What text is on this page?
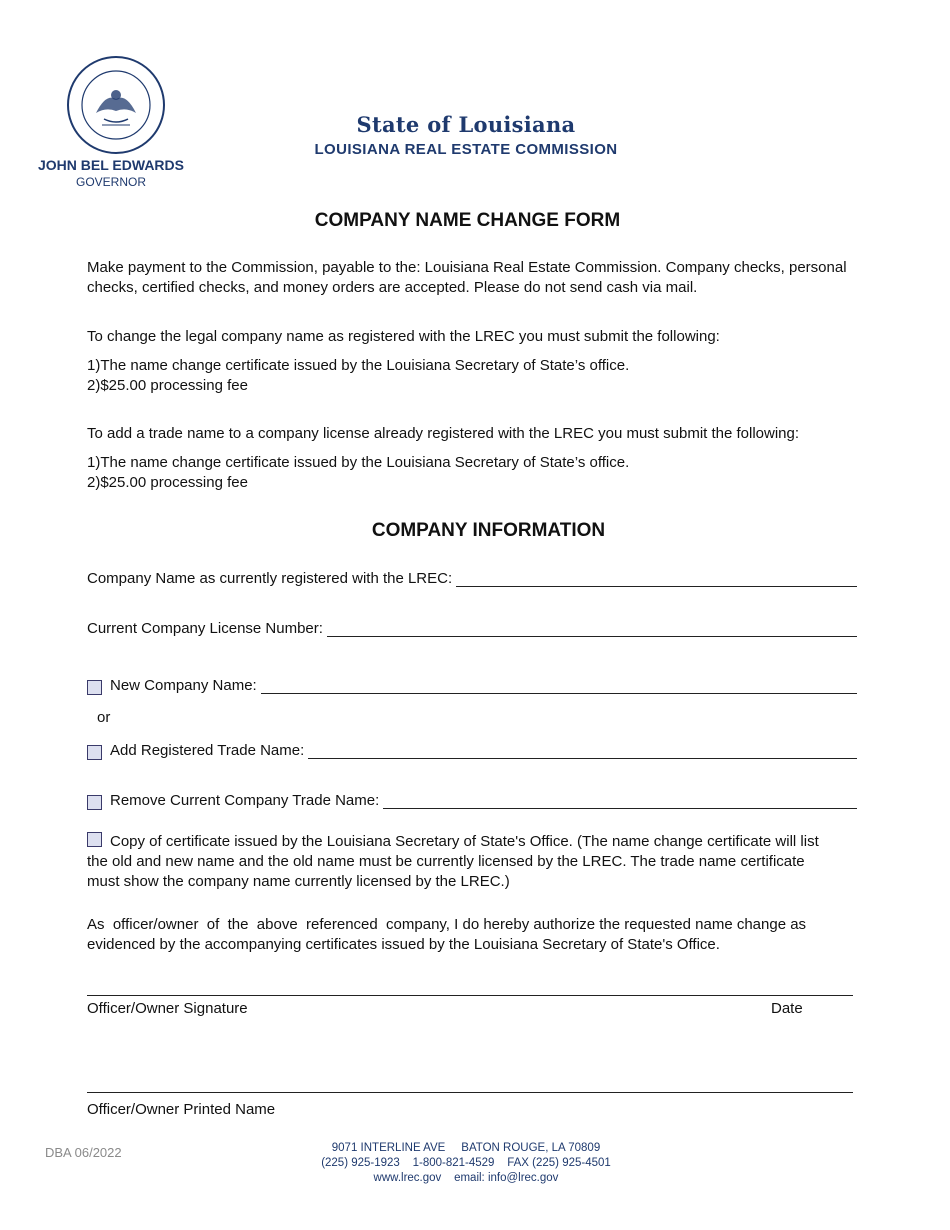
JOHN BEL EDWARDS
GOVERNOR
State of Louisiana
LOUISIANA REAL ESTATE COMMISSION
COMPANY NAME CHANGE FORM
Make payment to the Commission, payable to the: Louisiana Real Estate Commission. Company checks, personal
checks, certified checks, and money orders are accepted. Please do not send cash via mail.
To change the legal company name as registered with the LREC you must submit the following:
1)The name change certificate issued by the Louisiana Secretary of State’s office.
2)$25.00 processing fee
To add a trade name to a company license already registered with the LREC you must submit the following:
1)The name change certificate issued by the Louisiana Secretary of State’s office.
2)$25.00 processing fee
COMPANY INFORMATION
Company Name as currently registered with the LREC:
Current Company License Number:
New Company Name:
or
Add Registered Trade Name:
Remove Current Company Trade Name:
Copy of certificate issued by the Louisiana Secretary of State's Office. (The name change certificate will list
the old and new name and the old name must be currently licensed by the LREC. The trade name certificate
must show the company name currently licensed by the LREC.)
As  officer/owner  of  the  above  referenced  company, I do hereby authorize the requested name change as
evidenced by the accompanying certificates issued by the Louisiana Secretary of State's Office.
Officer/Owner Signature	Date
Officer/Owner Printed Name
DBA 06/2022	9071 INTERLINE AVE     BATON ROUGE, LA 70809
(225) 925-1923    1-800-821-4529    FAX (225) 925-4501
www.lrec.gov    email: info@lrec.gov
